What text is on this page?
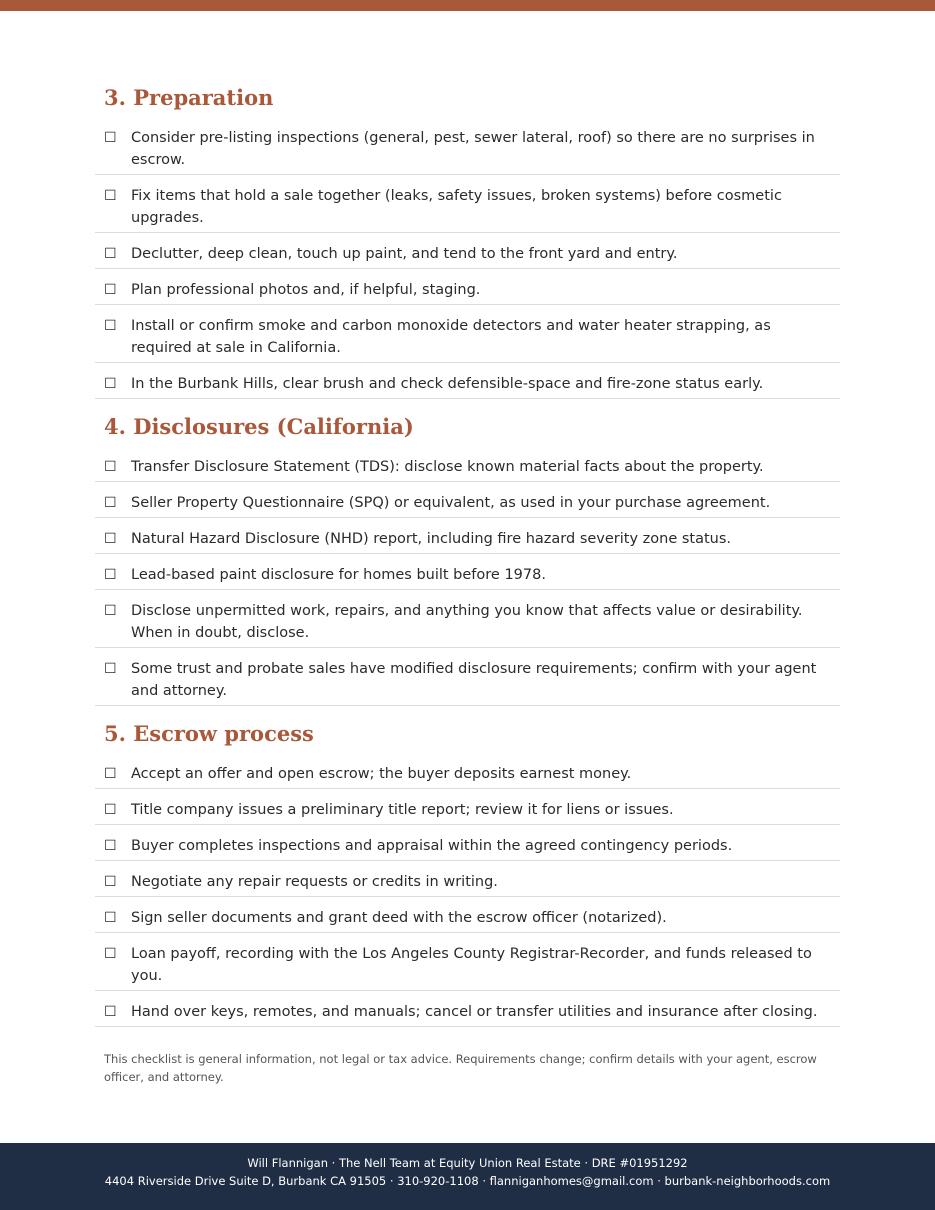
3. Preparation
☐ Consider pre-listing inspections (general, pest, sewer lateral, roof) so there are no surprises in escrow.
☐ Fix items that hold a sale together (leaks, safety issues, broken systems) before cosmetic upgrades.
☐ Declutter, deep clean, touch up paint, and tend to the front yard and entry.
☐ Plan professional photos and, if helpful, staging.
☐ Install or confirm smoke and carbon monoxide detectors and water heater strapping, as required at sale in California.
☐ In the Burbank Hills, clear brush and check defensible-space and fire-zone status early.
4. Disclosures (California)
☐ Transfer Disclosure Statement (TDS): disclose known material facts about the property.
☐ Seller Property Questionnaire (SPQ) or equivalent, as used in your purchase agreement.
☐ Natural Hazard Disclosure (NHD) report, including fire hazard severity zone status.
☐ Lead-based paint disclosure for homes built before 1978.
☐ Disclose unpermitted work, repairs, and anything you know that affects value or desirability. When in doubt, disclose.
☐ Some trust and probate sales have modified disclosure requirements; confirm with your agent and attorney.
5. Escrow process
☐ Accept an offer and open escrow; the buyer deposits earnest money.
☐ Title company issues a preliminary title report; review it for liens or issues.
☐ Buyer completes inspections and appraisal within the agreed contingency periods.
☐ Negotiate any repair requests or credits in writing.
☐ Sign seller documents and grant deed with the escrow officer (notarized).
☐ Loan payoff, recording with the Los Angeles County Registrar-Recorder, and funds released to you.
☐ Hand over keys, remotes, and manuals; cancel or transfer utilities and insurance after closing.

This checklist is general information, not legal or tax advice. Requirements change; confirm details with your agent, escrow officer, and attorney.

Will Flannigan · The Nell Team at Equity Union Real Estate · DRE #01951292
4404 Riverside Drive Suite D, Burbank CA 91505 · 310-920-1108 · flanniganhomes@gmail.com · burbank-neighborhoods.com
